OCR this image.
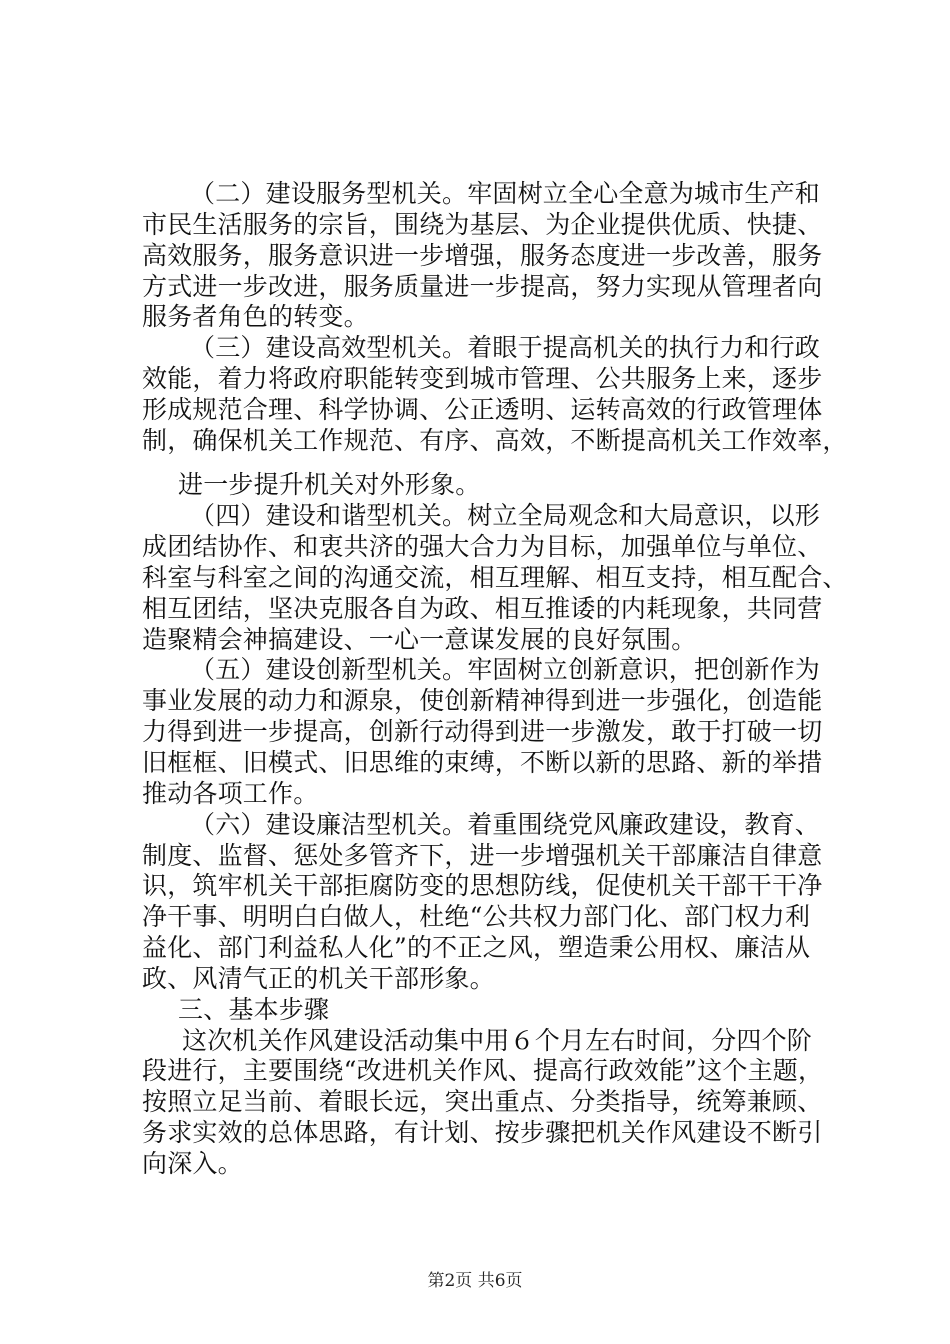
（二）建设服务型机关。牢固树立全心全意为城市生产和
市民生活服务的宗旨，围绕为基层、为企业提供优质、快捷、
高效服务，服务意识进一步增强，服务态度进一步改善，服务
方式进一步改进，服务质量进一步提高，努力实现从管理者向
服务者角色的转变。
（三）建设高效型机关。着眼于提高机关的执行力和行政
效能，着力将政府职能转变到城市管理、公共服务上来，逐步
形成规范合理、科学协调、公正透明、运转高效的行政管理体
制，确保机关工作规范、有序、高效，不断提高机关工作效率，
进一步提升机关对外形象。
（四）建设和谐型机关。树立全局观念和大局意识，以形
成团结协作、和衷共济的强大合力为目标，加强单位与单位、
科室与科室之间的沟通交流，相互理解、相互支持，相互配合、
相互团结，坚决克服各自为政、相互推诿的内耗现象，共同营
造聚精会神搞建设、一心一意谋发展的良好氛围。
（五）建设创新型机关。牢固树立创新意识，把创新作为
事业发展的动力和源泉，使创新精神得到进一步强化，创造能
力得到进一步提高，创新行动得到进一步激发，敢于打破一切
旧框框、旧模式、旧思维的束缚，不断以新的思路、新的举措
推动各项工作。
（六）建设廉洁型机关。着重围绕党风廉政建设，教育、
制度、监督、惩处多管齐下，进一步增强机关干部廉洁自律意
识，筑牢机关干部拒腐防变的思想防线，促使机关干部干干净
净干事、明明白白做人，杜绝“公共权力部门化、部门权力利
益化、部门利益私人化”的不正之风，塑造秉公用权、廉洁从
政、风清气正的机关干部形象。
三、基本步骤
这次机关作风建设活动集中用６个月左右时间，分四个阶
段进行，主要围绕“改进机关作风、提高行政效能”这个主题，
按照立足当前、着眼长远，突出重点、分类指导，统筹兼顾、
务求实效的总体思路，有计划、按步骤把机关作风建设不断引
向深入。
第2页 共6页
